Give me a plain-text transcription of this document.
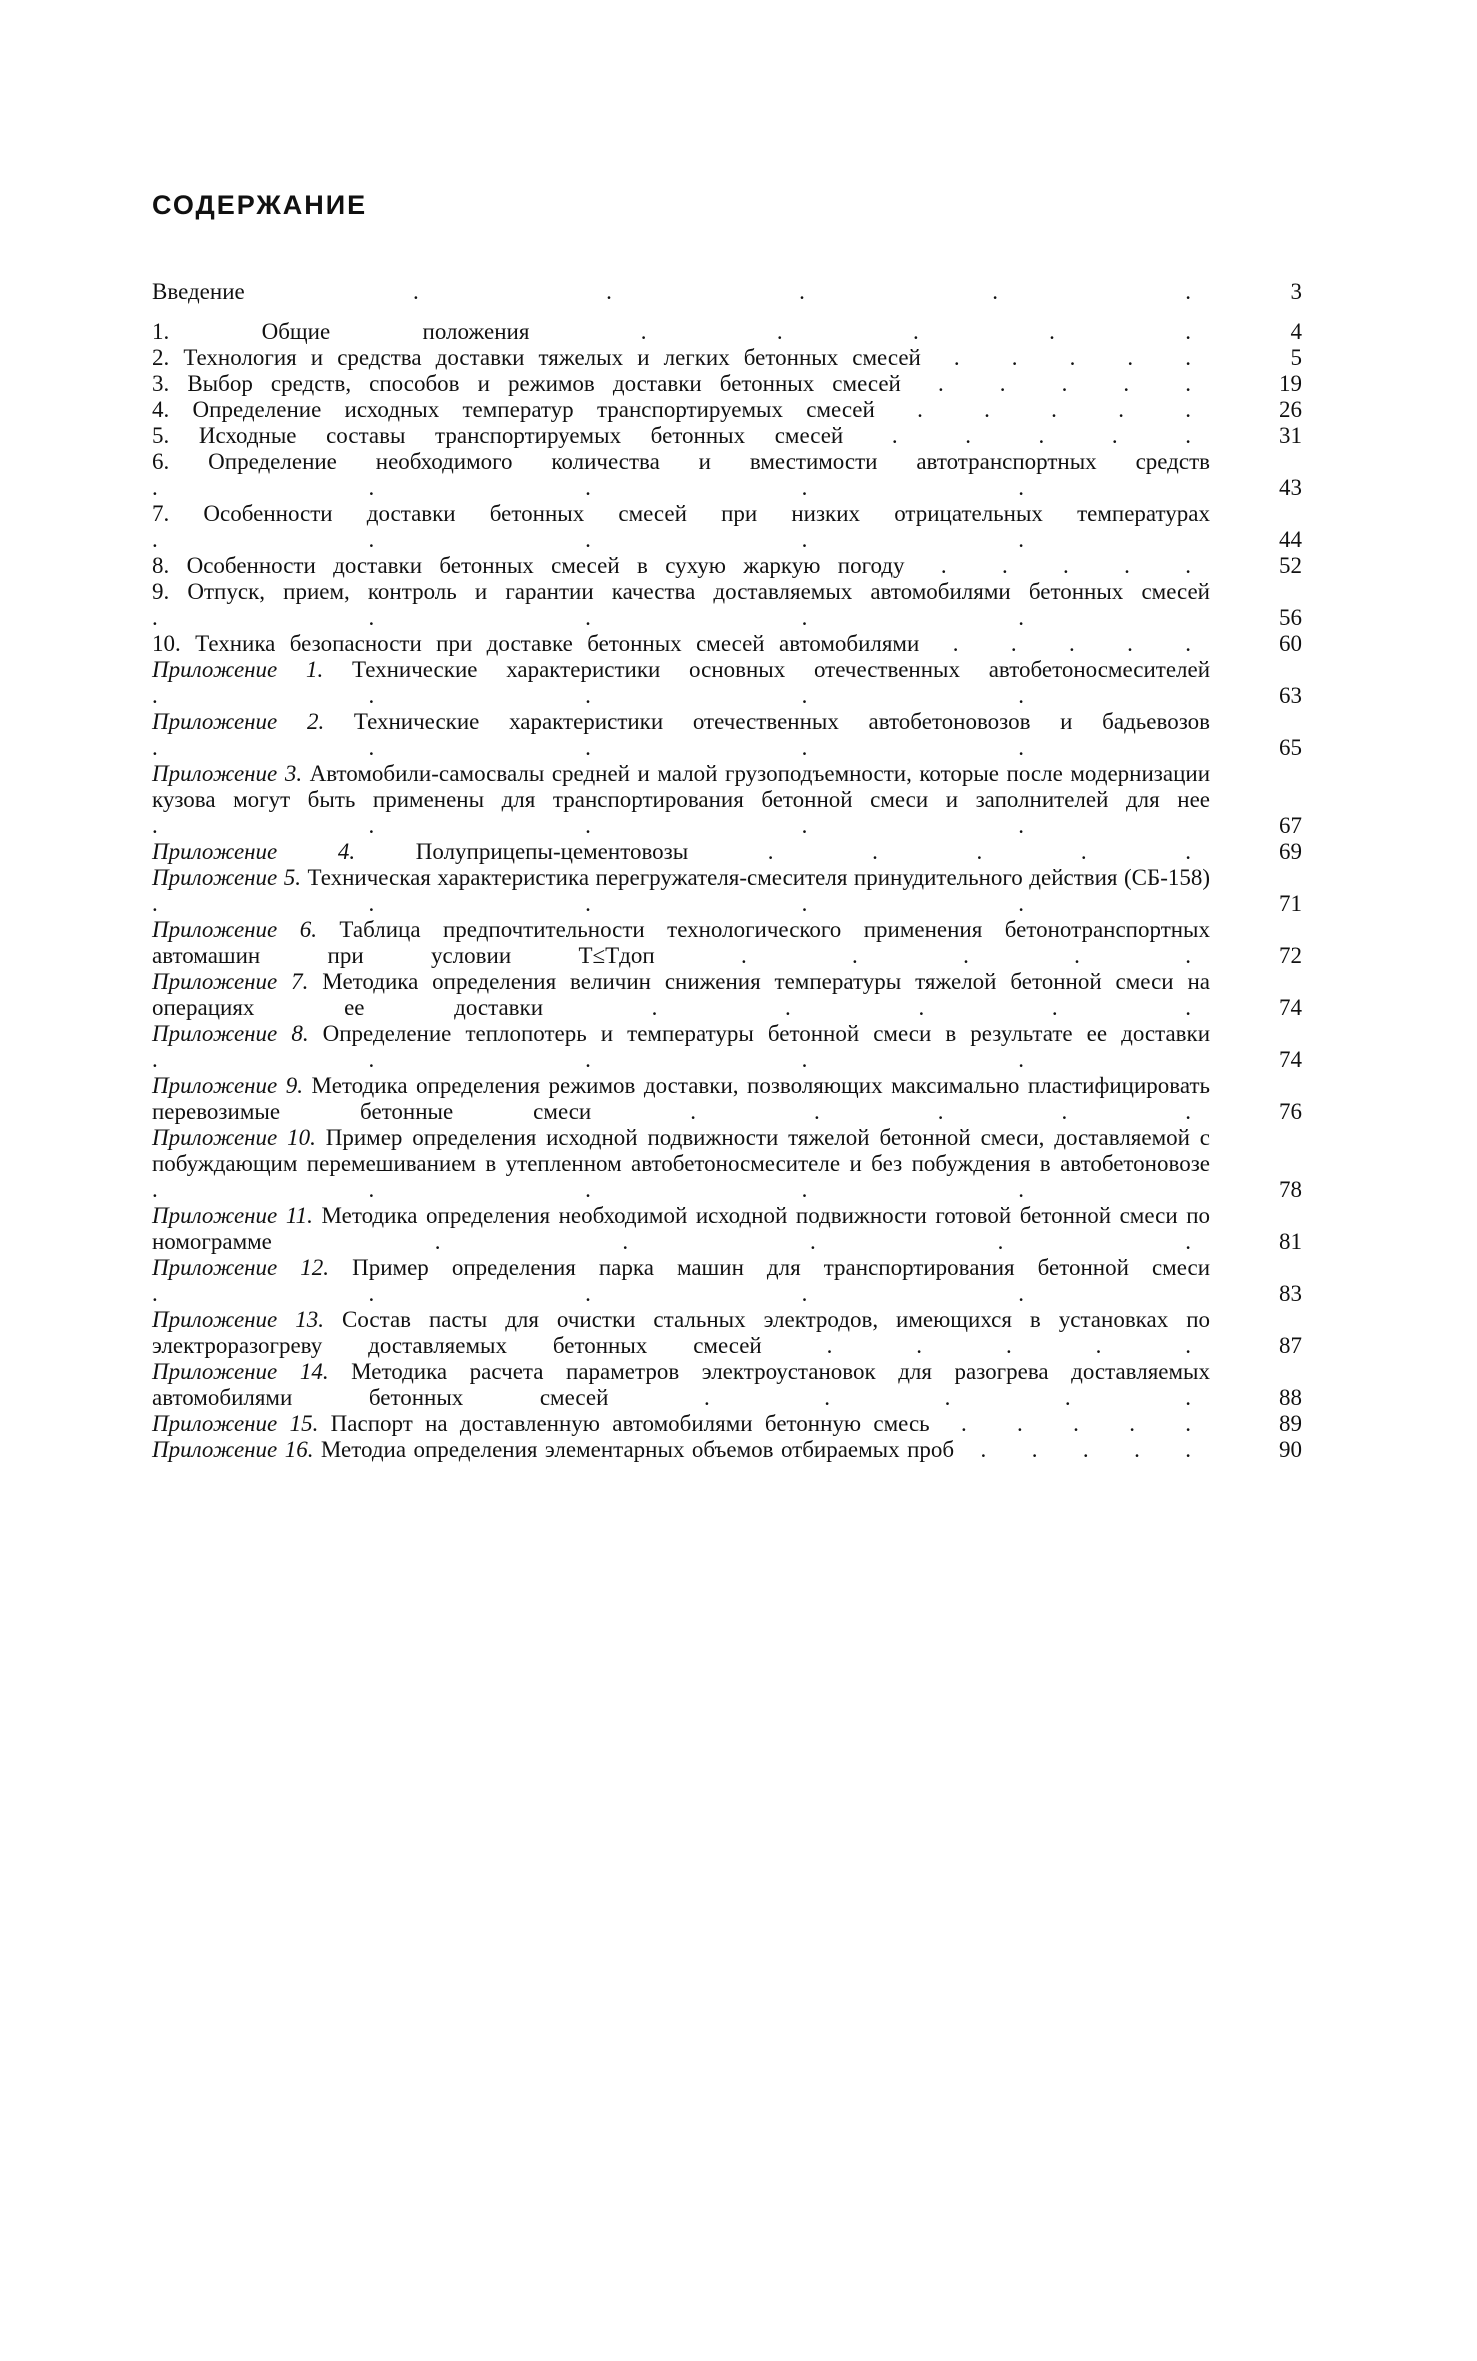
СОДЕРЖАНИЕ
Введение . . . . .	3
1. Общие положения . . . . .	4
2. Технология и средства доставки тяжелых и легких бетонных смесей . . . . .	5
3. Выбор средств, способов и режимов доставки бетонных смесей . . . . .	19
4. Определение исходных температур транспортируемых смесей . . . . .	26
5. Исходные составы транспортируемых бетонных смесей . . . . .	31
6. Определение необходимого количества и вместимости автотранспортных средств . . . . .	43
7. Особенности доставки бетонных смесей при низких отрицательных температурах . . . . .	44
8. Особенности доставки бетонных смесей в сухую жаркую погоду . . . . .	52
9. Отпуск, прием, контроль и гарантии качества доставляемых автомобилями бетонных смесей . . . . .	56
10. Техника безопасности при доставке бетонных смесей автомобилями . . . . .	60
Приложение 1. Технические характеристики основных отечественных автобетоносмесителей . . . . .	63
Приложение 2. Технические характеристики отечественных автобетоновозов и бадьевозов . . . . .	65
Приложение 3. Автомобили-самосвалы средней и малой грузоподъемности, которые после модернизации кузова могут быть применены для транспортирования бетонной смеси и заполнителей для нее . . . . .	67
Приложение 4.	Полуприцепы-цементовозы . . . . .	69
Приложение 5. Техническая характеристика перегружателя-смесителя принудительного действия (СБ-158) . . . . .	71
Приложение 6. Таблица предпочтительности технологического применения бетонотранспортных автомашин при условии T≤Tдоп . . . . .	72
Приложение 7. Методика определения величин снижения температуры тяжелой бетонной смеси на операциях ее доставки . . . . .	74
Приложение 8. Определение теплопотерь и температуры бетонной смеси в результате ее доставки . . . . .	74
Приложение 9. Методика определения режимов доставки, позволяющих максимально пластифицировать перевозимые бетонные смеси . . . . .	76
Приложение 10. Пример определения исходной подвижности тяжелой бетонной смеси, доставляемой с побуждающим перемешиванием в утепленном автобетоносмесителе и без побуждения в автобетоновозе . . . . .	78
Приложение 11. Методика определения необходимой исходной подвижности готовой бетонной смеси по номограмме . . . . .	81
Приложение 12. Пример определения парка машин для транспортирования бетонной смеси . . . . .	83
Приложение 13. Состав пасты для очистки стальных электродов, имеющихся в установках по электроразогреву доставляемых бетонных смесей . . . . .	87
Приложение 14. Методика расчета параметров электроустановок для разогрева доставляемых автомобилями бетонных смесей . . . . .	88
Приложение 15. Паспорт на доставленную автомобилями бетонную смесь . . . . .	89
Приложение 16. Методиа определения элементарных объемов отбираемых проб . . . . .	90
